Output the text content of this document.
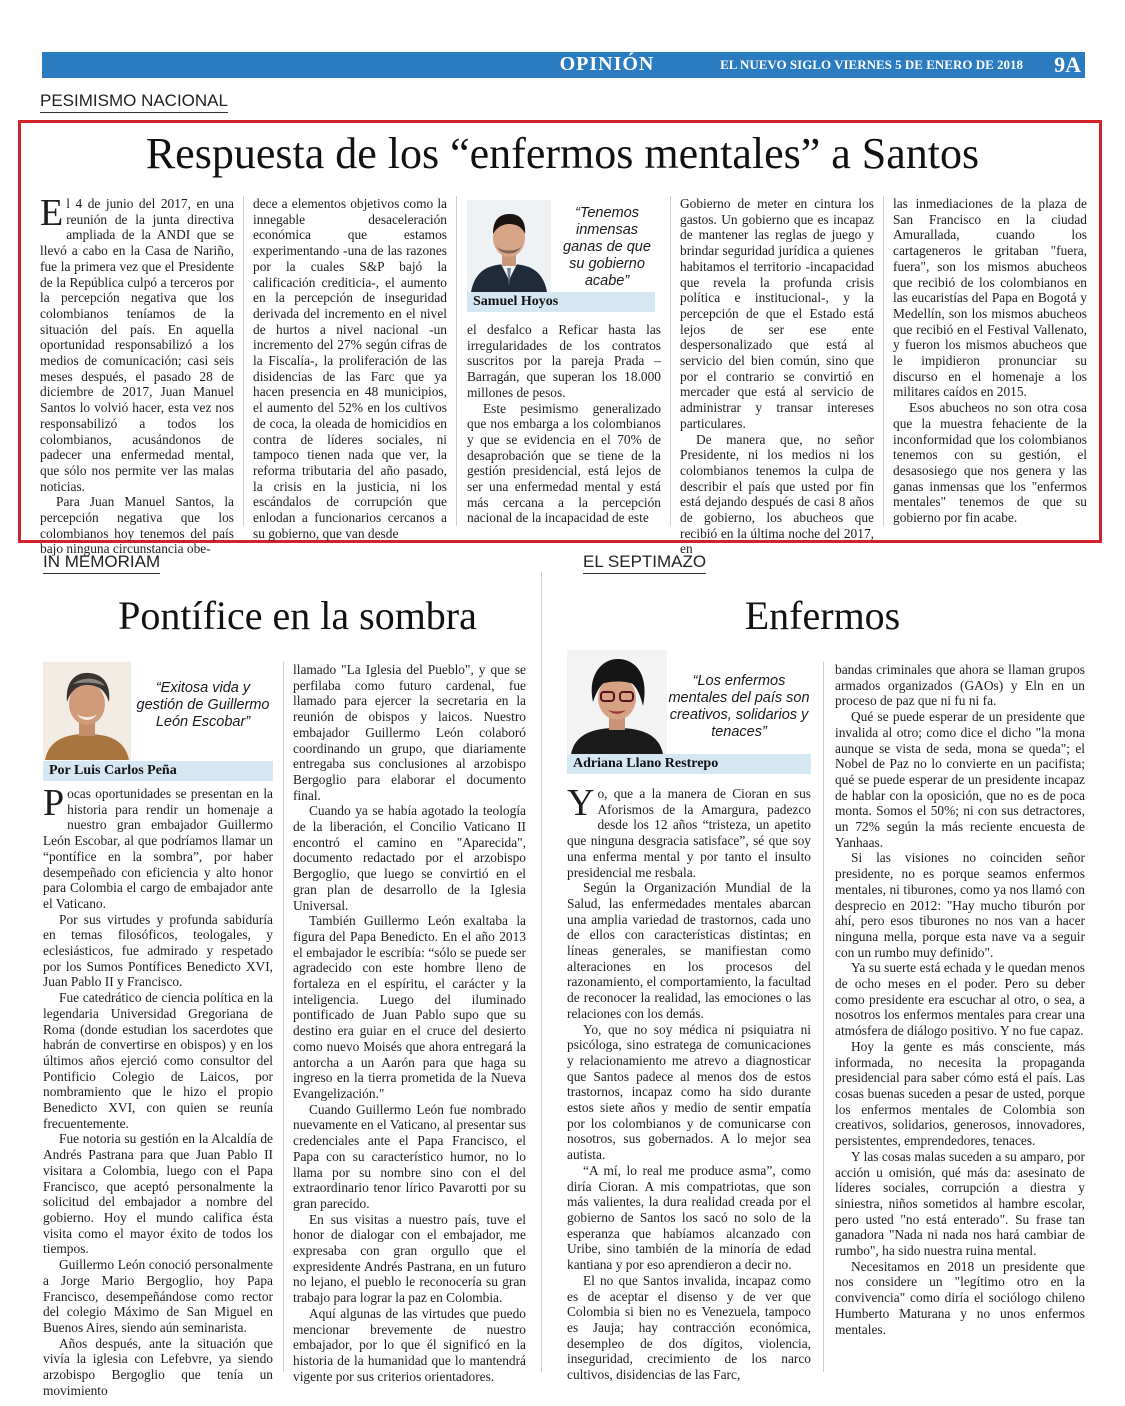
OPINIÓN	EL NUEVO SIGLO VIERNES 5 DE ENERO DE 2018 9A
PESIMISMO NACIONAL
Respuesta de los “enfermos mentales” a Santos

El 4 de junio del 2017, en una reunión de la junta directiva ampliada de la ANDI que se llevó a cabo en la Casa de Nariño, fue la primera vez que el Presidente de la República culpó a terceros por la percepción negativa que los colombianos teníamos de la situación del país. En aquella oportunidad responsabilizó a los medios de comunicación; casi seis meses después, el pasado 28 de diciembre de 2017, Juan Manuel Santos lo volvió hacer, esta vez nos responsabilizó a todos los colombianos, acusándonos de padecer una enfermedad mental, que sólo nos permite ver las malas noticias.

Para Juan Manuel Santos, la percepción negativa que los colombianos hoy tenemos del país bajo ninguna circunstancia obe-

dece a elementos objetivos como la innegable desaceleración económica que estamos experimentando -una de las razones por la cuales S&P bajó la calificación crediticia-, el aumento en la percepción de inseguridad derivada del incremento en el nivel de hurtos a nivel nacional -un incremento del 27% según cifras de la Fiscalía-, la proliferación de las disidencias de las Farc que ya hacen presencia en 48 municipios, el aumento del 52% en los cultivos de coca, la oleada de homicidios en contra de líderes sociales, ni tampoco tienen nada que ver, la reforma tributaria del año pasado, la crisis en la justicia, ni los escándalos de corrupción que enlodan a funcionarios cercanos a su gobierno, que van desde

“Tenemos inmensas ganas de que su gobierno acabe”
Samuel Hoyos

el desfalco a Reficar hasta las irregularidades de los contratos suscritos por la pareja Prada – Barragán, que superan los 18.000 millones de pesos.

Este pesimismo generalizado que nos embarga a los colombianos y que se evidencia en el 70% de desaprobación que se tiene de la gestión presidencial, está lejos de ser una enfermedad mental y está más cercana a la percepción nacional de la incapacidad de este

Gobierno de meter en cintura los gastos. Un gobierno que es incapaz de mantener las reglas de juego y brindar seguridad jurídica a quienes habitamos el territorio -incapacidad que revela la profunda crisis política e institucional-, y la percepción de que el Estado está lejos de ser ese ente despersonalizado que está al servicio del bien común, sino que por el contrario se convirtió en mercader que está al servicio de administrar y transar intereses particulares.

De manera que, no señor Presidente, ni los medios ni los colombianos tenemos la culpa de describir el país que usted por fin está dejando después de casi 8 años de gobierno, los abucheos que recibió en la última noche del 2017, en

las inmediaciones de la plaza de San Francisco en la ciudad Amurallada, cuando los cartageneros le gritaban "fuera, fuera", son los mismos abucheos que recibió de los colombianos en las eucaristías del Papa en Bogotá y Medellín, son los mismos abucheos que recibió en el Festival Vallenato, y fueron los mismos abucheos que le impidieron pronunciar su discurso en el homenaje a los militares caídos en 2015.

Esos abucheos no son otra cosa que la muestra fehaciente de la inconformidad que los colombianos tenemos con su gestión, el desasosiego que nos genera y las ganas inmensas que los "enfermos mentales" tenemos de que su gobierno por fin acabe.

IN MEMORIAM
Pontífice en la sombra
“Exitosa vida y gestión de Guillermo León Escobar”
Por Luis Carlos Peña

Pocas oportunidades se presentan en la historia para rendir un homenaje a nuestro gran embajador Guillermo León Escobar, al que podríamos llamar un “pontífice en la sombra”, por haber desempeñado con eficiencia y alto honor para Colombia el cargo de embajador ante el Vaticano.

Por sus virtudes y profunda sabiduría en temas filosóficos, teologales, y eclesiásticos, fue admirado y respetado por los Sumos Pontífices Benedicto XVI, Juan Pablo II y Francisco.

Fue catedrático de ciencia política en la legendaria Universidad Gregoriana de Roma (donde estudian los sacerdotes que habrán de convertirse en obispos) y en los últimos años ejerció como consultor del Pontificio Colegio de Laicos, por nombramiento que le hizo el propio Benedicto XVI, con quien se reunía frecuentemente.

Fue notoria su gestión en la Alcaldía de Andrés Pastrana para que Juan Pablo II visitara a Colombia, luego con el Papa Francisco, que aceptó personalmente la solicitud del embajador a nombre del gobierno. Hoy el mundo califica ésta visita como el mayor éxito de todos los tiempos.

Guillermo León conoció personalmente a Jorge Mario Bergoglio, hoy Papa Francisco, desempeñándose como rector del colegio Máximo de San Miguel en Buenos Aires, siendo aún seminarista.

Años después, ante la situación que vivía la iglesia con Lefebvre, ya siendo arzobispo Bergoglio que tenía un movimiento

llamado "La Iglesia del Pueblo", y que se perfilaba como futuro cardenal, fue llamado para ejercer la secretaria en la reunión de obispos y laicos. Nuestro embajador Guillermo León colaboró coordinando un grupo, que diariamente entregaba sus conclusiones al arzobispo Bergoglio para elaborar el documento final.

Cuando ya se había agotado la teología de la liberación, el Concilio Vaticano II encontró el camino en "Aparecida", documento redactado por el arzobispo Bergoglio, que luego se convirtió en el gran plan de desarrollo de la Iglesia Universal.

También Guillermo León exaltaba la figura del Papa Benedicto. En el año 2013 el embajador le escribía: “sólo se puede ser agradecido con este hombre lleno de fortaleza en el espíritu, el carácter y la inteligencia. Luego del iluminado pontificado de Juan Pablo supo que su destino era guiar en el cruce del desierto como nuevo Moisés que ahora entregará la antorcha a un Aarón para que haga su ingreso en la tierra prometida de la Nueva Evangelización."

Cuando Guillermo León fue nombrado nuevamente en el Vaticano, al presentar sus credenciales ante el Papa Francisco, el Papa con su característico humor, no lo llama por su nombre sino con el del extraordinario tenor lírico Pavarotti por su gran parecido.

En sus visitas a nuestro país, tuve el honor de dialogar con el embajador, me expresaba con gran orgullo que el expresidente Andrés Pastrana, en un futuro no lejano, el pueblo le reconocería su gran trabajo para lograr la paz en Colombia.

Aquí algunas de las virtudes que puedo mencionar brevemente de nuestro embajador, por lo que él significó en la historia de la humanidad que lo mantendrá vigente por sus criterios orientadores.

EL SEPTIMAZO
Enfermos
“Los enfermos mentales del país son creativos, solidarios y tenaces”
Adriana Llano Restrepo

Yo, que a la manera de Cioran en sus Aforismos de la Amargura, padezco desde los 12 años “tristeza, un apetito que ninguna desgracia satisface”, sé que soy una enferma mental y por tanto el insulto presidencial me resbala.

Según la Organización Mundial de la Salud, las enfermedades mentales abarcan una amplia variedad de trastornos, cada uno de ellos con características distintas; en líneas generales, se manifiestan como alteraciones en los procesos del razonamiento, el comportamiento, la facultad de reconocer la realidad, las emociones o las relaciones con los demás.

Yo, que no soy médica ni psiquiatra ni psicóloga, sino estratega de comunicaciones y relacionamiento me atrevo a diagnosticar que Santos padece al menos dos de estos trastornos, incapaz como ha sido durante estos siete años y medio de sentir empatía por los colombianos y de comunicarse con nosotros, sus gobernados. A lo mejor sea autista.

“A mí, lo real me produce asma”, como diría Cioran. A mis compatriotas, que son más valientes, la dura realidad creada por el gobierno de Santos los sacó no solo de la esperanza que habíamos alcanzado con Uribe, sino también de la minoría de edad kantiana y por eso aprendieron a decir no.

El no que Santos invalida, incapaz como es de aceptar el disenso y de ver que Colombia si bien no es Venezuela, tampoco es Jauja; hay contracción económica, desempleo de dos dígitos, violencia, inseguridad, crecimiento de los narco cultivos, disidencias de las Farc,

bandas criminales que ahora se llaman grupos armados organizados (GAOs) y Eln en un proceso de paz que ni fu ni fa.

Qué se puede esperar de un presidente que invalida al otro; como dice el dicho "la mona aunque se vista de seda, mona se queda"; el Nobel de Paz no lo convierte en un pacifista; qué se puede esperar de un presidente incapaz de hablar con la oposición, que no es de poca monta. Somos el 50%; ni con sus detractores, un 72% según la más reciente encuesta de Yanhaas.

Si las visiones no coinciden señor presidente, no es porque seamos enfermos mentales, ni tiburones, como ya nos llamó con desprecio en 2012: "Hay mucho tiburón por ahí, pero esos tiburones no nos van a hacer ninguna mella, porque esta nave va a seguir con un rumbo muy definido".

Ya su suerte está echada y le quedan menos de ocho meses en el poder. Pero su deber como presidente era escuchar al otro, o sea, a nosotros los enfermos mentales para crear una atmósfera de diálogo positivo. Y no fue capaz.

Hoy la gente es más consciente, más informada, no necesita la propaganda presidencial para saber cómo está el país. Las cosas buenas suceden a pesar de usted, porque los enfermos mentales de Colombia son creativos, solidarios, generosos, innovadores, persistentes, emprendedores, tenaces.

Y las cosas malas suceden a su amparo, por acción u omisión, qué más da: asesinato de líderes sociales, corrupción a diestra y siniestra, niños sometidos al hambre escolar, pero usted "no está enterado". Su frase tan ganadora "Nada ni nada nos hará cambiar de rumbo", ha sido nuestra ruina mental.

Necesitamos en 2018 un presidente que nos considere un "legítimo otro en la convivencia" como diría el sociólogo chileno Humberto Maturana y no unos enfermos mentales.
